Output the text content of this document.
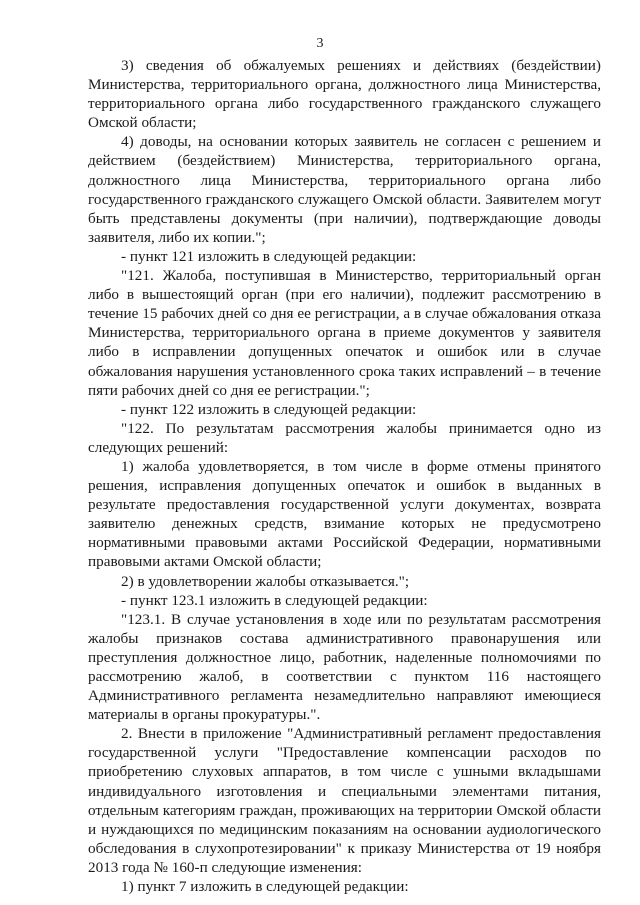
3

3) сведения об обжалуемых решениях и действиях (бездействии) Министерства, территориального органа, должностного лица Министерства, территориального органа либо государственного гражданского служащего Омской области;

4) доводы, на основании которых заявитель не согласен с решением и действием (бездействием) Министерства, территориального органа, должностного лица Министерства, территориального органа либо государственного гражданского служащего Омской области. Заявителем могут быть представлены документы (при наличии), подтверждающие доводы заявителя, либо их копии.";

- пункт 121 изложить в следующей редакции:

"121. Жалоба, поступившая в Министерство, территориальный орган либо в вышестоящий орган (при его наличии), подлежит рассмотрению в течение 15 рабочих дней со дня ее регистрации, а в случае обжалования отказа Министерства, территориального органа в приеме документов у заявителя либо в исправлении допущенных опечаток и ошибок или в случае обжалования нарушения установленного срока таких исправлений – в течение пяти рабочих дней со дня ее регистрации.";

- пункт 122 изложить в следующей редакции:

"122. По результатам рассмотрения жалобы принимается одно из следующих решений:

1) жалоба удовлетворяется, в том числе в форме отмены принятого решения, исправления допущенных опечаток и ошибок в выданных в результате предоставления государственной услуги документах, возврата заявителю денежных средств, взимание которых не предусмотрено нормативными правовыми актами Российской Федерации, нормативными правовыми актами Омской области;

2) в удовлетворении жалобы отказывается.";

- пункт 123.1 изложить в следующей редакции:

"123.1. В случае установления в ходе или по результатам рассмотрения жалобы признаков состава административного правонарушения или преступления должностное лицо, работник, наделенные полномочиями по рассмотрению жалоб, в соответствии с пунктом 116 настоящего Административного регламента незамедлительно направляют имеющиеся материалы в органы прокуратуры.".

2. Внести в приложение "Административный регламент предоставления государственной услуги "Предоставление компенсации расходов по приобретению слуховых аппаратов, в том числе с ушными вкладышами индивидуального изготовления и специальными элементами питания, отдельным категориям граждан, проживающих на территории Омской области и нуждающихся по медицинским показаниям на основании аудиологического обследования в слухопротезировании" к приказу Министерства от 19 ноября 2013 года № 160-п следующие изменения:

1) пункт 7 изложить в следующей редакции:
